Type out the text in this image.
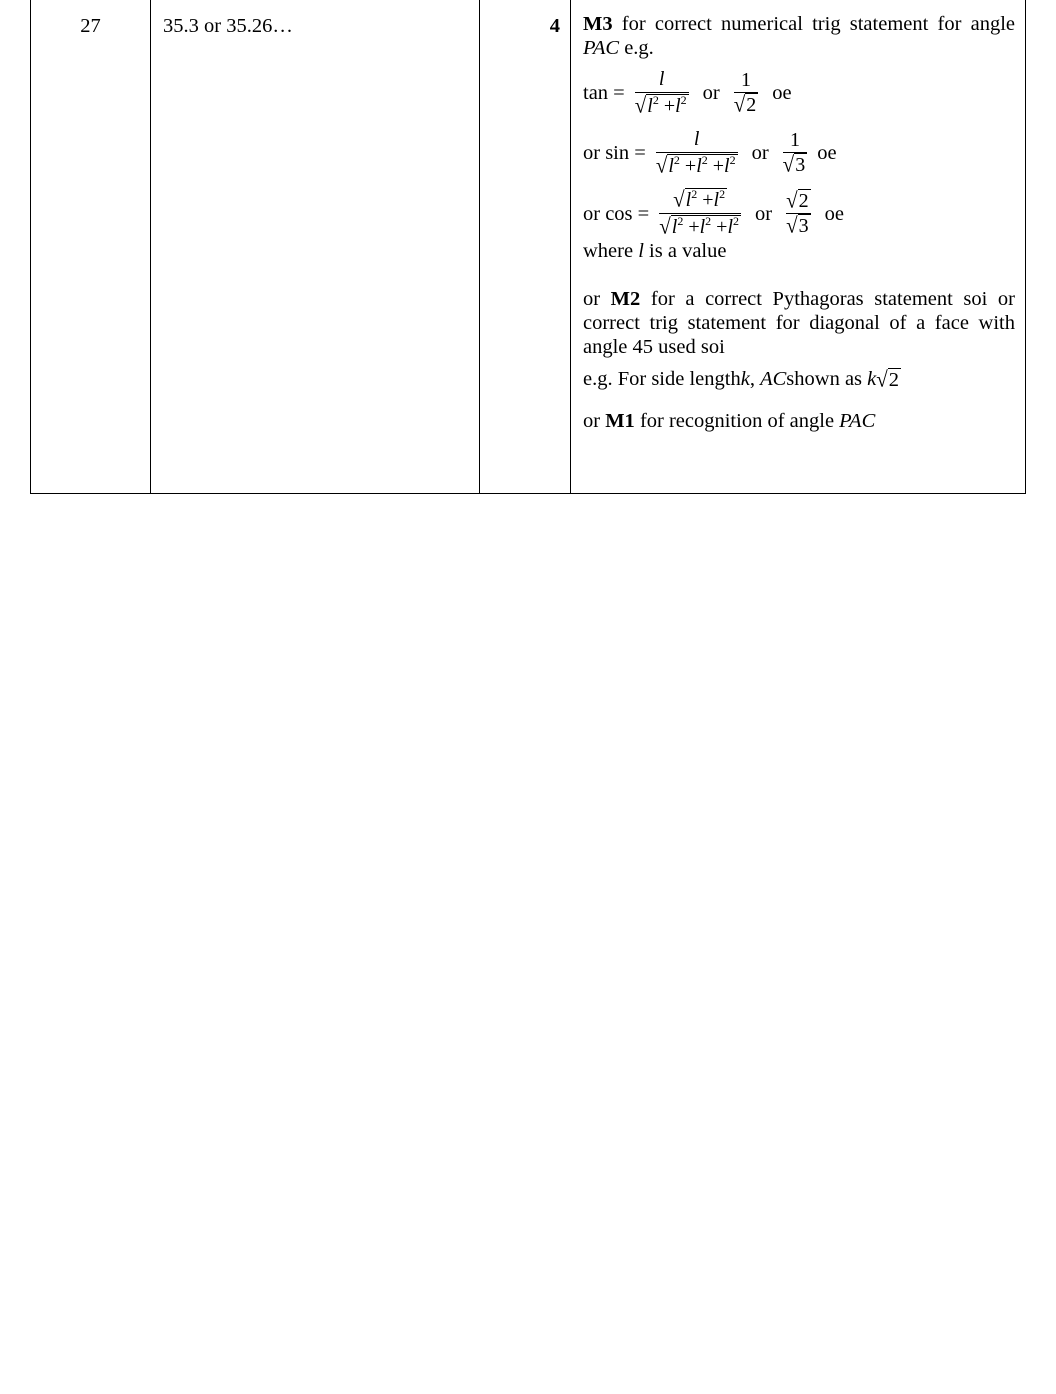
27	35.3 or 35.26…	4	M3 for correct numerical trig statement for angle PAC e.g.

$\tan = \frac{l}{√ l^2 +l^2}$ or $\frac{1}{√ 2}$ oe
or $\sin = \frac{l}{√ l^2 +l^2 +l^2}$ or $\frac{1}{√ 3}$ oe
or $\cos = \frac{√ l^2 +l^2}{√ l^2 +l^2 +l^2}$ or $\frac{√ 2}{√ 3}$ oe

where l is a value

or M2 for a correct Pythagoras statement soi or correct trig statement for diagonal of a face with angle 45 used soi

e.g. For side length k ,
AC shown as
k √ 2

or M1 for recognition of angle PAC
